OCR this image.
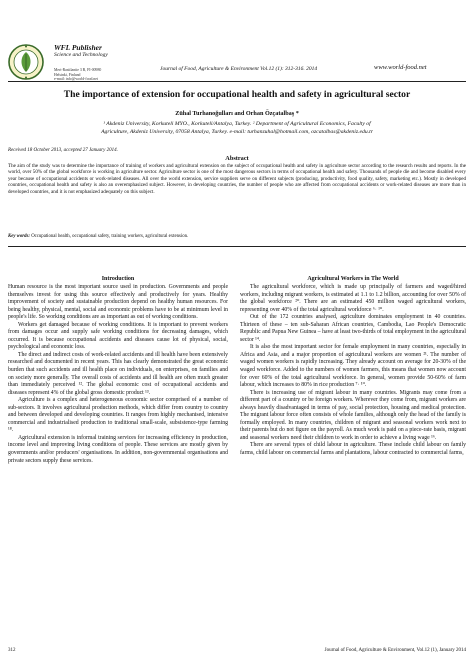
WFL Publisher
Science and Technology
Meri-Rastilantie 3 B, FI-00980
Helsinki, Finland
e-mail: info@world-food.net
Journal of Food, Agriculture & Environment Vol.12 (1): 312-316. 2014	www.world-food.net
The importance of extension for occupational health and safety in agricultural sector
Zühal Turhanoğulları and Orhan Özçatalbaş *
¹ Akdeniz University, Korkuteli MYO., Korkuteli/Antalya, Turkey. ² Department of Agricultural Economics, Faculty of
Agriculture, Akdeniz University, 07058 Antalya, Turkey. e-mail: turhanzuhal@hotmail.com, ozcatalbas@akdeniz.edu.tr
Received 18 October 2013, accepted 27 January 2014.
Abstract
The aim of the study was to determine the importance of training of workers and agricultural extension on the subject of occupational health and safety in agriculture sector according to the research results and reports. In the world, over 50% of the global workforce is working in agriculture sector. Agriculture sector is one of the most dangerous sectors in terms of occupational health and safety. Thousands of people die and become disabled every year because of occupational accidents or work-related diseases. All over the world extension, service suppliers serve on different subjects (producing, productivity, food quality, safety, marketing etc.). Mostly in developed countries, occupational health and safety is also an overemphasized subject. However, in developing countries, the number of people who are affected from occupational accidents or work-related diseases are more than in developed countries, and it is not emphasized adequately on this subject.
Key words: Occupational health, occupational safety, training workers, agricultural extension.
Introduction

Human resource is the most important source used in production. Governments and people themselves invest for using this source effectively and productively for years. Healthy improvement of society and sustainable production depend on healthy human resources. For being healthy, physical, mental, social and economic problems have to be at minimum level in people's life. So working conditions are as important as out of working conditions.

Workers get damaged because of working conditions. It is important to prevent workers from damages occur and supply safe working conditions for decreasing damages, which occurred. It is because occupational accidents and diseases cause lot of physical, social, psychological and economic loss.

The direct and indirect costs of work-related accidents and ill health have been extensively researched and documented in recent years. This has clearly demonstrated the great economic burden that such accidents and ill health place on individuals, on enterprises, on families and on society more generally. The overall costs of accidents and ill health are often much greater than immediately perceived ¹². The global economic cost of occupational accidents and diseases represent 4% of the global gross domestic product ¹³.

Agriculture is a complex and heterogeneous economic sector comprised of a number of sub-sectors. It involves agricultural production methods, which differ from country to country and between developed and developing countries. It ranges from highly mechanised, intensive commercial and industrialised production to traditional small-scale, subsistence-type farming ¹⁸.

Agricultural extension is informal training services for increasing efficiency in production, income level and improving living conditions of people. These services are mostly given by governments and/or producers' organisations. In addition, non-governmental organisations and private sectors supply these services.

Agricultural Workers in The World

The agricultural workforce, which is made up principally of farmers and waged/hired workers, including migrant workers, is estimated at 1.1 to 1.2 billion, accounting for over 50% of the global workforce ²⁰. There are an estimated 450 million waged agricultural workers, representing over 40% of the total agricultural workforce ⁶· ¹⁰.

Out of the 172 countries analysed, agriculture dominates employment in 40 countries. Thirteen of these – ten sub-Saharan African countries, Cambodia, Lao People's Democratic Republic and Papua New Guinea – have at least two-thirds of total employment in the agricultural sector ¹⁴.

It is also the most important sector for female employment in many countries, especially in Africa and Asia, and a major proportion of agricultural workers are women ²¹. The number of waged women workers is rapidly increasing. They already account on average for 20-30% of the waged workforce. Added to the numbers of women farmers, this means that women now account for over 60% of the total agricultural workforce. In general, women provide 50-60% of farm labour, which increases to 80% in rice production ⁷· ¹⁰.

There is increasing use of migrant labour in many countries. Migrants may come from a different part of a country or be foreign workers. Wherever they come from, migrant workers are always heavily disadvantaged in terms of pay, social protection, housing and medical protection. The migrant labour force often consists of whole families, although only the head of the family is formally employed. In many countries, children of migrant and seasonal workers work next to their parents but do not figure on the payroll. As much work is paid on a piece-rate basis, migrant and seasonal workers need their children to work in order to achieve a living wage ¹⁶.

There are several types of child labour in agriculture. These include child labour on family farms, child labour on commercial farms and plantations, labour contracted to commercial farms,

312	Journal of Food, Agriculture & Environment, Vol.12 (1), January 2014
